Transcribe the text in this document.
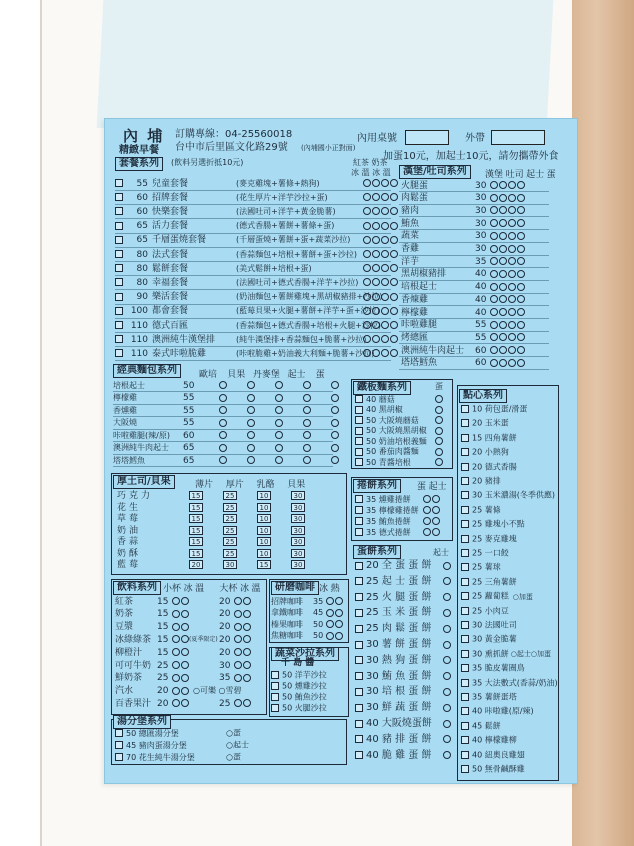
內 埔
精緻早餐
訂購專線：04-25560018
台中市后里區文化路29號 (內埔國小正對面)
內用桌號	外帶
加蛋10元，加起士10元，請勿攜帶外食
套餐系列	(飲料另選折抵10元)	紅茶 奶茶
冰 溫 冰 溫
55 兒童套餐	(麥克雞塊+薯條+熱狗)
60 招牌套餐	(花生厚片+洋芋沙拉+蛋)
60 快樂套餐	(法國吐司+洋芋+黃金脆薯)
65 活力套餐	(德式香腸+薯餅+薯條+蛋)
65 千層蛋燒套餐	(千層蛋燒+薯餅+蛋+蔬菜沙拉)
80 法式套餐	(香蒜麵包+培根+薯餅+蛋+沙拉)
80 鬆餅套餐	(美式鬆餅+培根+蛋)
80 幸福套餐	(法國吐司+德式香腸+洋芋+沙拉)
90 樂活套餐	(奶油麵包+薯餅雞塊+黑胡椒豬排+沙拉)
100 都會套餐	(藍莓貝果+火腿+薯餅+洋芋+蛋+沙拉)
110 德式百匯	(香蒜麵包+德式香腸+培根+火腿+沙拉)
110 澳洲純牛漢堡排	(純牛漢堡排+香蒜麵包+脆薯+沙拉)
110 泰式咔啦脆雞	(咔啦脆雞+奶油義大利麵+脆薯+沙拉)
漢堡/吐司系列	漢堡 吐司 起士 蛋
火腿蛋	30
肉鬆蛋	30
豬肉	30
鮪魚	30
蔬菜	30
香雞	30
洋芋	35
黑胡椒豬排	40
培根起士	40
香煉雞	40
檸檬雞	40
咔啦雞腿	55
烤總匯	55
澳洲純牛肉起士 60
塔塔鱈魚	60
經典麵包系列	歐培 貝果 丹麥堡 起士 蛋
培根起士	50
檸檬雞	55
香燻雞	55
大阪燒	55
咔啦雞腿(辣/原) 60
澳洲純牛肉起士 65
塔塔鱈魚	65
鐵板麵系列	蛋
40 蘑菇
40 黑胡椒
50 大阪燒蘑菇
50 大阪燒黑胡椒
50 奶油培根義麵
50 番茄肉醬麵
50 青醬培根
點心系列
10 荷包蛋/滑蛋
20 玉米蛋
15 四角薯餅
20 小熱狗
20 德式香腸
20 豬排
30 玉米濃湯(冬季供應)
25 薯條
25 雞塊小不點
25 麥克雞塊
25 一口餃
25 薯球
25 三角薯餅
25 蘿蔔糕 ○加蛋
25 小肉豆
30 法國吐司
30 黃金脆薯
30 熏抓餅 ○起士○加蛋
35 脆皮薯圈鳥
35 大法數式(香蒜/奶油)
35 薯餅蛋塔
40 咔啦雞(原/辣)
45 鬆餅
40 檸檬雞柳
40 紐奧良雞翅
50 無骨鹹酥雞
厚土司/貝果	薄片 厚片 乳酪 貝果
巧克力	15	25	10	30
花生	15	25	10	30
草莓	15	25	10	30
奶油	15	25	10	30
香蒜	15	25	10	30
奶酥	15	25	10	30
藍莓	20	30	15	30
捲餅系列	蛋 起士
35 燻雞捲餅
35 檸檬雞捲餅
35 鮪魚捲餅
35 德式捲餅
蛋餅系列	起士
20 全 蛋 蛋 餅
25 起 士 蛋 餅
25 火 腿 蛋 餅
25 玉 米 蛋 餅
25 肉 鬆 蛋 餅
30 薯 餅 蛋 餅
30 熱 狗 蛋 餅
30 鮪 魚 蛋 餅
30 培 根 蛋 餅
30 鮮 蔬 蛋 餅
40 大阪燒蛋餅
40 豬 排 蛋 餅
40 脆 雞 蛋 餅
飲料系列 小杯 冰 溫 大杯 冰 溫
紅茶	15	20
奶茶	15	20
豆漿	15	20
冰綠綠茶 15	20
(夏季限定)
柳橙汁 15	20
可可牛奶 25	30
鮮奶茶 25	35
汽水	20	○可樂 ○雪碧
百香果汁 20	25
研磨咖啡 冰 熱
招牌咖啡 35
拿鐵咖啡 45
榛果咖啡 50
焦糖咖啡 50
蔬菜沙拉系列
千 島 醬
50 洋芋沙拉
50 燻雞沙拉
50 鮪魚沙拉
50 火腿沙拉
湯分堡系列
50 總匯湯分堡	○蛋
45 豬肉蛋湯分堡	○起士
70 花生純牛湯分堡	○蛋
